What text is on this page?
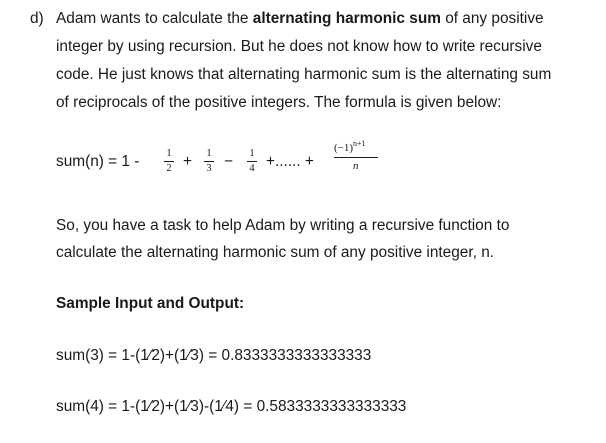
d) Adam wants to calculate the alternating harmonic sum of any positive
integer by using recursion. But he does not know how to write recursive
code. He just knows that alternating harmonic sum is the alternating sum
of reciprocals of the positive integers. The formula is given below:
sum(n) = 1 -	1
2 +	1
3 −	1
4 +...... +
$(-1)^{n+1}$
n
So, you have a task to help Adam by writing a recursive function to
calculate the alternating harmonic sum of any positive integer, n.
Sample Input and Output:
sum(3) = 1-(1⁄2)+(1⁄3) = 0.8333333333333333
sum(4) = 1-(1⁄2)+(1⁄3)-(1⁄4) = 0.5833333333333333
